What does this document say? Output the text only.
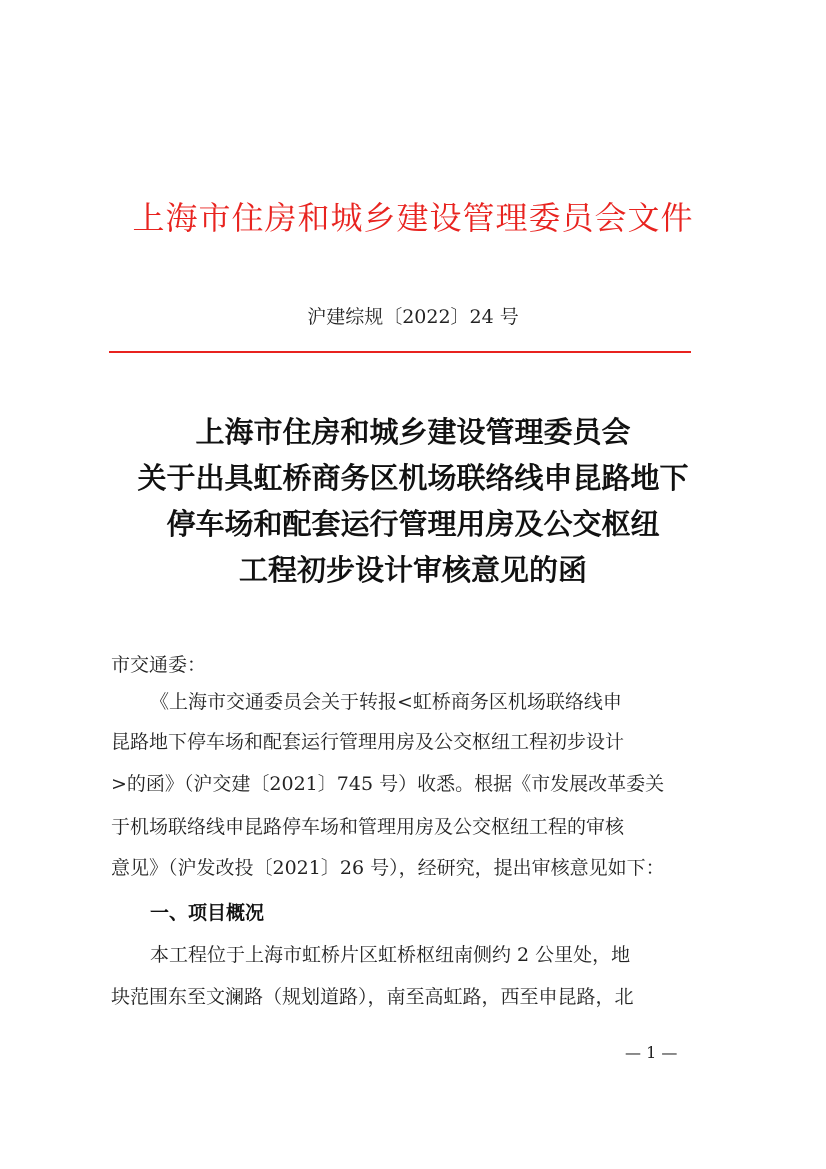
上海市住房和城乡建设管理委员会文件
沪建综规〔2022〕24 号
上海市住房和城乡建设管理委员会
关于出具虹桥商务区机场联络线申昆路地下
停车场和配套运行管理用房及公交枢纽
工程初步设计审核意见的函
市交通委：
《上海市交通委员会关于转报<虹桥商务区机场联络线申
昆路地下停车场和配套运行管理用房及公交枢纽工程初步设计
>的函》（沪交建〔2021〕745 号）收悉。根据《市发展改革委关
于机场联络线申昆路停车场和管理用房及公交枢纽工程的审核
意见》（沪发改投〔2021〕26 号），经研究，提出审核意见如下：
一、项目概况
本工程位于上海市虹桥片区虹桥枢纽南侧约 2 公里处，地
块范围东至文澜路（规划道路），南至高虹路，西至申昆路，北
— 1 —
